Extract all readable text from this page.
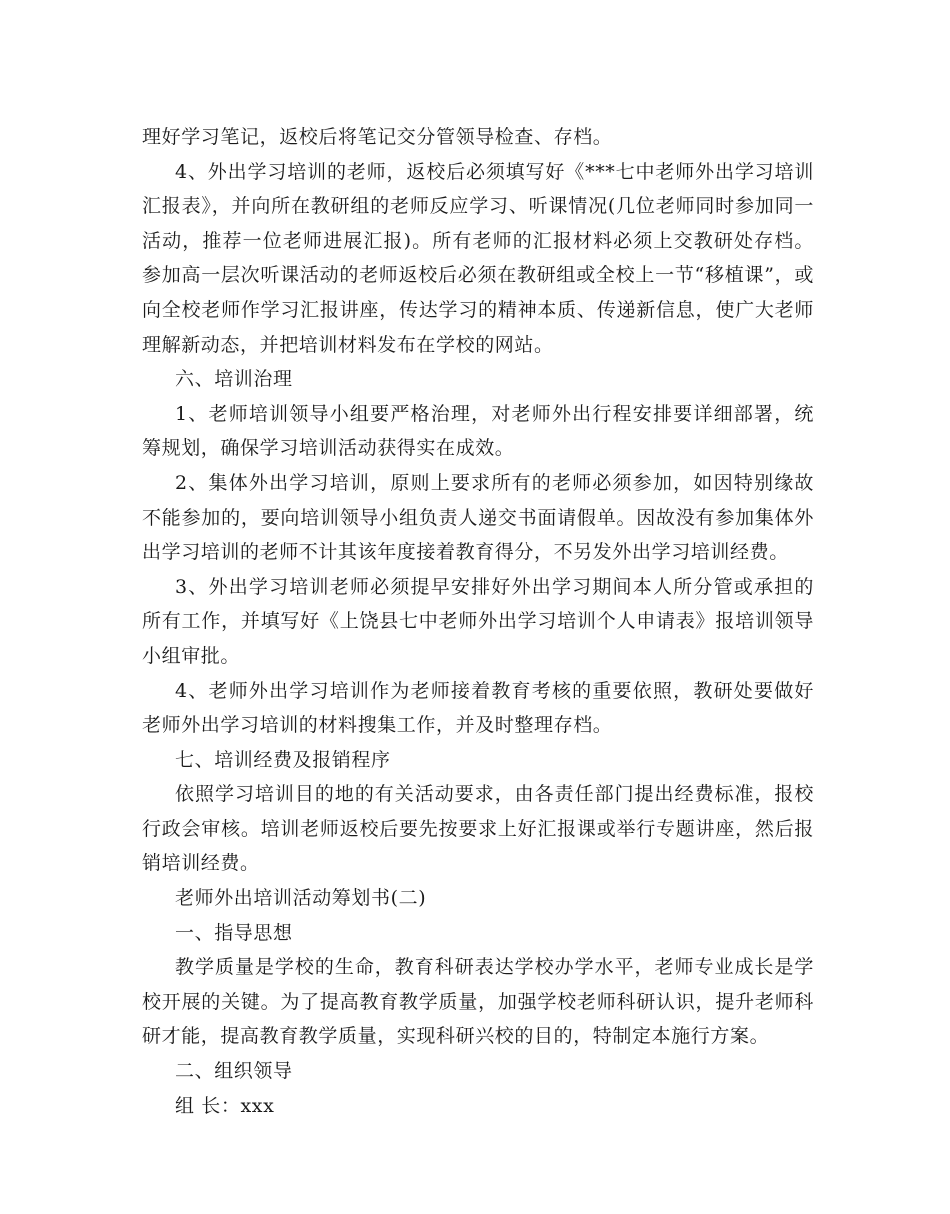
理好学习笔记，返校后将笔记交分管领导检查、存档。

4、外出学习培训的老师，返校后必须填写好《***七中老师外出学习培训汇报表》，并向所在教研组的老师反应学习、听课情况(几位老师同时参加同一活动，推荐一位老师进展汇报)。所有老师的汇报材料必须上交教研处存档。参加高一层次听课活动的老师返校后必须在教研组或全校上一节“移植课”，或向全校老师作学习汇报讲座，传达学习的精神本质、传递新信息，使广大老师理解新动态，并把培训材料发布在学校的网站。

六、培训治理

1、老师培训领导小组要严格治理，对老师外出行程安排要详细部署，统筹规划，确保学习培训活动获得实在成效。

2、集体外出学习培训，原则上要求所有的老师必须参加，如因特别缘故不能参加的，要向培训领导小组负责人递交书面请假单。因故没有参加集体外出学习培训的老师不计其该年度接着教育得分，不另发外出学习培训经费。

3、外出学习培训老师必须提早安排好外出学习期间本人所分管或承担的所有工作，并填写好《上饶县七中老师外出学习培训个人申请表》报培训领导小组审批。

4、老师外出学习培训作为老师接着教育考核的重要依照，教研处要做好老师外出学习培训的材料搜集工作，并及时整理存档。

七、培训经费及报销程序

依照学习培训目的地的有关活动要求，由各责任部门提出经费标准，报校行政会审核。培训老师返校后要先按要求上好汇报课或举行专题讲座，然后报销培训经费。

老师外出培训活动筹划书(二)

一、指导思想

教学质量是学校的生命，教育科研表达学校办学水平，老师专业成长是学校开展的关键。为了提高教育教学质量，加强学校老师科研认识，提升老师科研才能，提高教育教学质量，实现科研兴校的目的，特制定本施行方案。

二、组织领导

组 长：xxx
